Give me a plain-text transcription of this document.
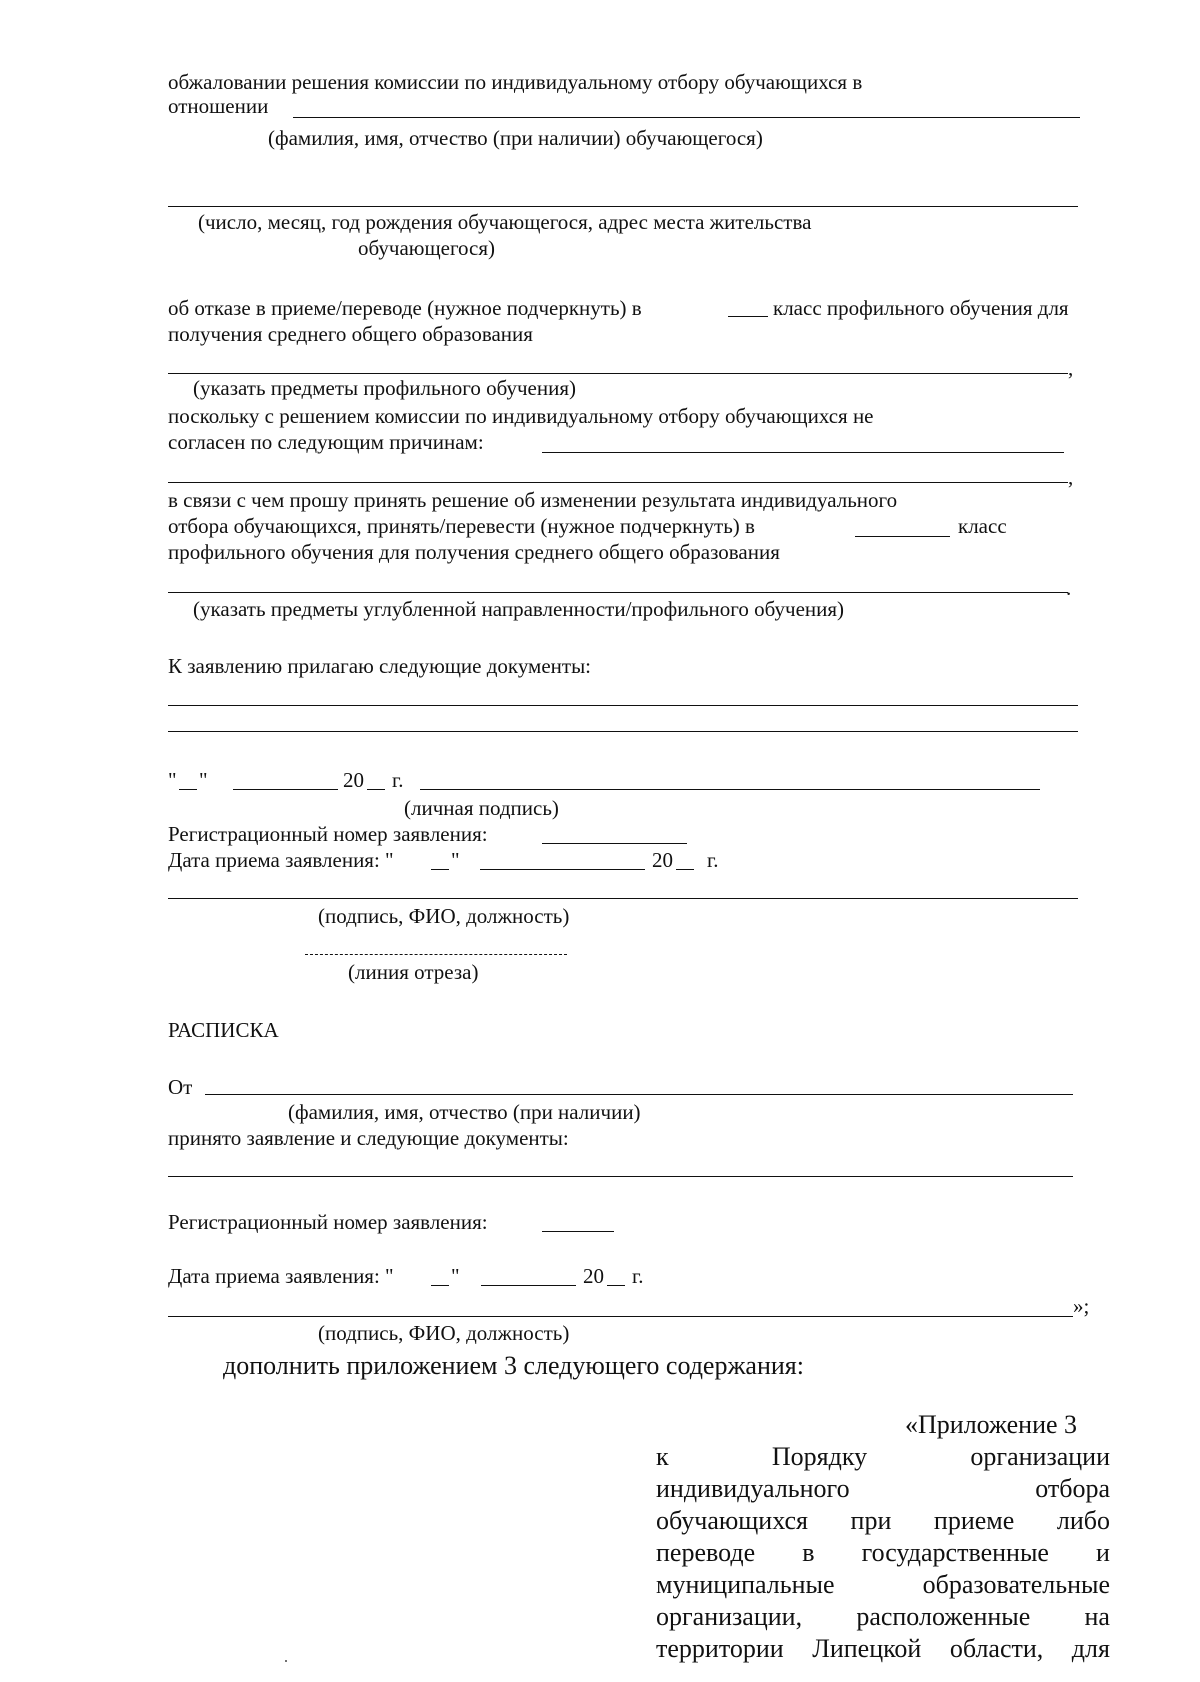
обжаловании решения комиссии по индивидуальному отбору обучающихся в
отношении
(фамилия, имя, отчество (при наличии) обучающегося)
(число, месяц, год рождения обучающегося, адрес места жительства
обучающегося)
об отказе в приеме/переводе (нужное подчеркнуть) в	класс профильного обучения для
получения среднего общего образования
,
(указать предметы профильного обучения)
поскольку с решением комиссии по индивидуальному отбору обучающихся не
согласен по следующим причинам:
,
в связи с чем прошу принять решение об изменении результата индивидуального
отбора обучающихся, принять/перевести (нужное подчеркнуть) в	класс
профильного обучения для получения среднего общего образования
.
(указать предметы углубленной направленности/профильного обучения)
К заявлению прилагаю следующие документы:
" "	20 г.
(личная подпись)
Регистрационный номер заявления:
Дата приема заявления: "	"	20 г.
(подпись, ФИО, должность)
(линия отреза)
РАСПИСКА
От
(фамилия, имя, отчество (при наличии)
принято заявление и следующие документы:
Регистрационный номер заявления:
Дата приема заявления: "	"	20 г.
»;
(подпись, ФИО, должность)
дополнить приложением 3 следующего содержания:
«Приложение 3
к	Порядку	организации
индивидуального	отбора
обучающихся при приеме либо
переводе в государственные и
муниципальные	образовательные
организации, расположенные на
территории Липецкой области, для
